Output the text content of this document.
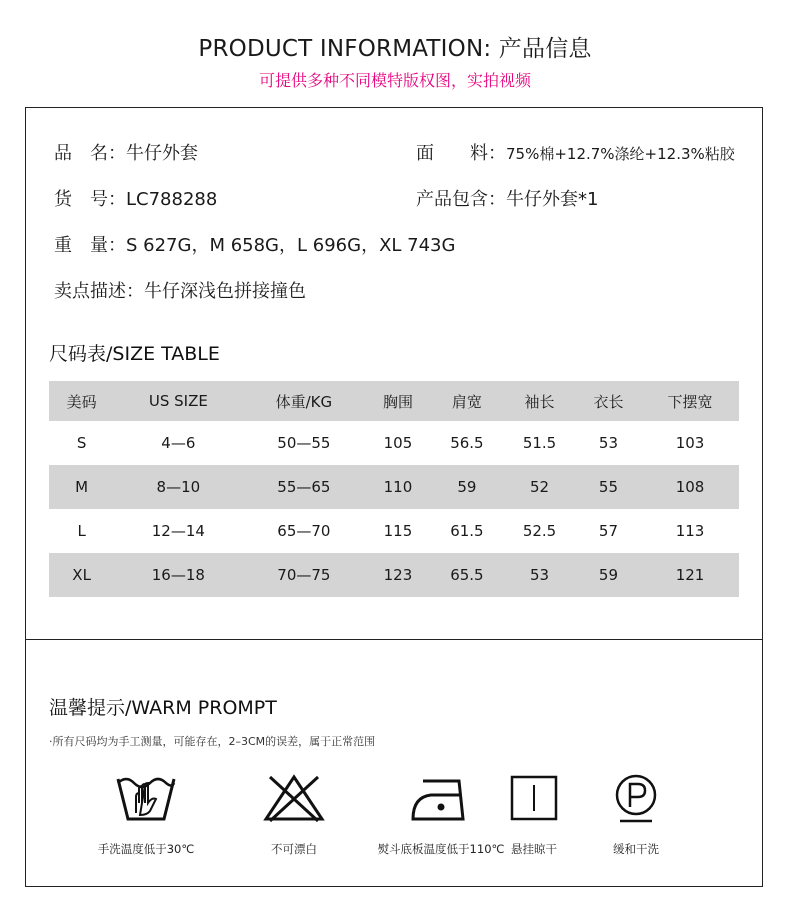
PRODUCT INFORMATION: 产品信息
可提供多种不同模特版权图，实拍视频
品　名：牛仔外套	面　　料：75%棉+12.7%涤纶+12.3%粘胶
货　号：LC788288	产品包含：牛仔外套*1
重　量：S 627G，M 658G，L 696G，XL 743G
卖点描述：牛仔深浅色拼接撞色
尺码表/SIZE TABLE
美码	US SIZE	体重/KG	胸围	肩宽	袖长	衣长	下摆宽
S	4—6	50—55	105	56.5	51.5	53	103
M	8—10	55—65	110	59	52	55	108
L	12—14	65—70	115	61.5	52.5	57	113
XL	16—18	70—75	123	65.5	53	59	121
温馨提示/WARM PROMPT
·所有尺码均为手工测量，可能存在，2–3CM的误差，属于正常范围
手洗温度低于30℃	不可漂白	熨斗底板温度低于110℃ 悬挂晾干	缓和干洗
